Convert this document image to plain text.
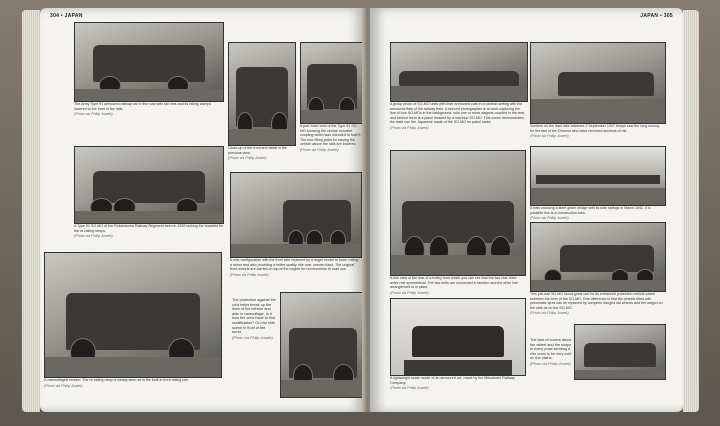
304 • JAPAN
The Army Type 91 armoured railway car in the road with rail rims and its railing clamps lowered to the front of the rails.
(Photo via Philip Jowett)
Close-up of the front and detail in the previous view.
(Photo via Philip Jowett)
A part-track view of the Type 91 SO-MO showing the central movable coupling which was intended to hold it. The four lifting jacks for raising the vehicle above the rails are lowered.
(Photo via Philip Jowett)
A Type 91 SO-MO of the Fudaishoma Railway Regiment seen in 1939 lacking the brackets for the re-railing ramps.
(Photo via Philip Jowett)
A rear configuration with the front axle replaced by a larger model to lower rolling a minor and also providing a better quality ride over uneven track. The original front wheels are carried on top of the bogies for reconversion to road use.
(Photo via Philip Jowett)
A camouflaged version. The re-railing ramp is clearly seen as is the built-in front railing cab.
(Photo via Philip Jowett)
The protection against the cold helps break up the lines of the vehicle and aids in camouflage. Is it how the crew have to find modification? On the side scene in front of the turret.
(Photo via Philip Jowett)
JAPAN • 305
A group photo of SO-MO units with their armoured cars in a combat setting with the armoured flats of the railway train. A second photographer is at work capturing the line of four SO-MOs in the background, with one or more wagons coupled in the rear, and behind them is a plane headed by a machine SO-MO. This scene demonstrates the wide use the Japanese made of the SO-MO for patrol tasks.
(Photo via Philip Jowett)	Soldiers on the lead rake advance 2 September 1937 troops saw the long convoy for the last of the Chinese who have removed sections of rail.
(Photo via Philip Jowett)
A train crossing a steel girder bridge with its side railings in March 1941. It is possible this is a construction train.
(Photo via Philip Jowett)
A line view of the rear of a trolley from which you can see that the two rear drive axles rest symmetrical. The two units are connected in tandem and the drive line arrangement is in place.
(Photo via Philip Jowett)	This pre-war SO-MO found great use for its enhanced protection vehicle cases between the form of the SO-MO. One difference is that the wheels fitted with pneumatic tyres can be replaced by complete flanged rail wheels and the wagon on the rails as on the SO-MO.
(Photo via Philip Jowett)
A lightweight scale model of an armoured car, made by the Mitsukoshi Railway Company.
(Photo via Philip Jowett)
The lack of covers about the wheel and the shape in every pose sending a ride once to be very cold on the plains.
(Photo via Philip Jowett)
